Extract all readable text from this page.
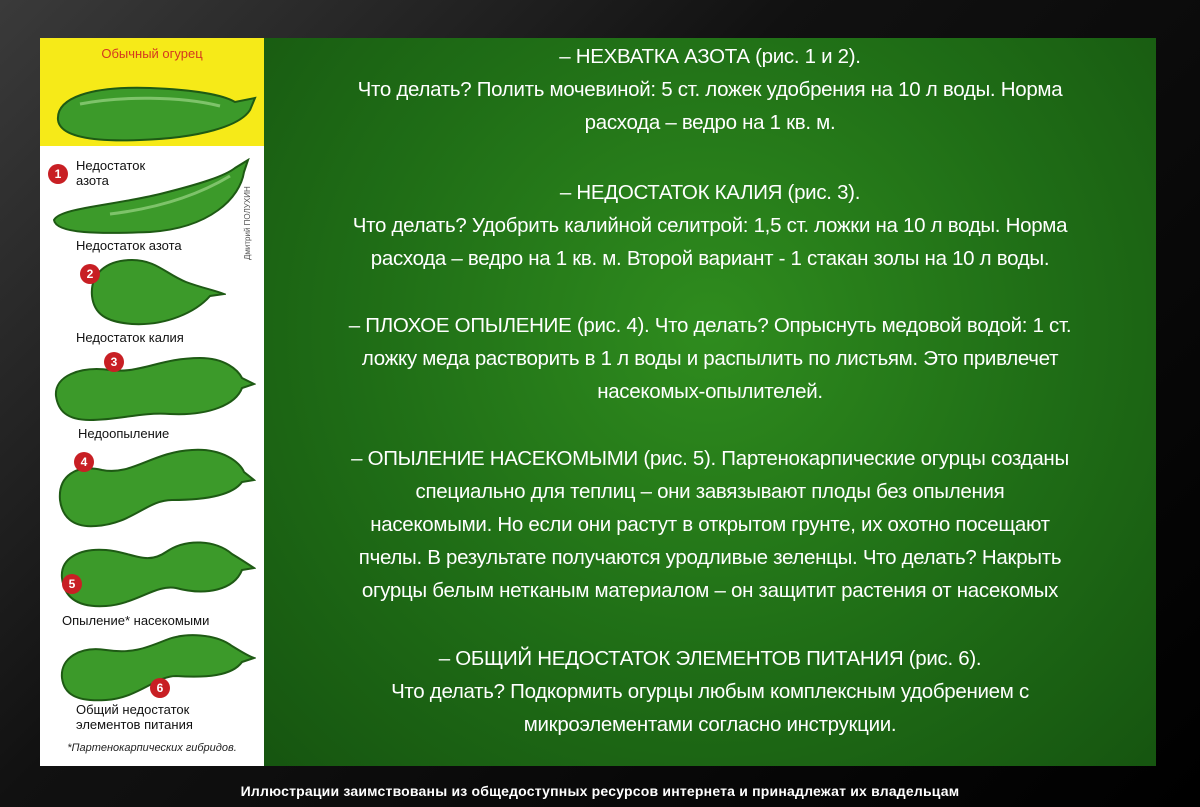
Обычный огурец
1
Недостаток
азота
Недостаток азота
2
Недостаток калия
3
Недоопыление
4
5
Опыление* насекомыми
6
Общий недостаток
элементов питания
Дмитрий ПОЛУХИН
*Партенокарпических гибридов.
– НЕХВАТКА АЗОТА (рис. 1 и 2).
Что делать? Полить мочевиной: 5 ст. ложек удобрения на 10 л воды. Норма
расхода – ведро на 1 кв. м.
– НЕДОСТАТОК КАЛИЯ (рис. 3).
Что делать? Удобрить калийной селитрой: 1,5 ст. ложки на 10 л воды. Норма
расхода – ведро на 1 кв. м. Второй вариант - 1 стакан золы на 10 л воды.
– ПЛОХОЕ ОПЫЛЕНИЕ (рис. 4). Что делать? Опрыснуть медовой водой: 1 ст.
ложку меда растворить в 1 л воды и распылить по листьям. Это привлечет
насекомых-опылителей.
– ОПЫЛЕНИЕ НАСЕКОМЫМИ (рис. 5). Партенокарпические огурцы созданы
специально для теплиц – они завязывают плоды без опыления
насекомыми. Но если они растут в открытом грунте, их охотно посещают
пчелы. В результате получаются уродливые зеленцы. Что делать? Накрыть
огурцы белым нетканым материалом – он защитит растения от насекомых
– ОБЩИЙ НЕДОСТАТОК ЭЛЕМЕНТОВ ПИТАНИЯ (рис. 6).
Что делать? Подкормить огурцы любым комплексным удобрением с
микроэлементами согласно инструкции.
Иллюстрации заимствованы из общедоступных ресурсов интернета и принадлежат их владельцам
